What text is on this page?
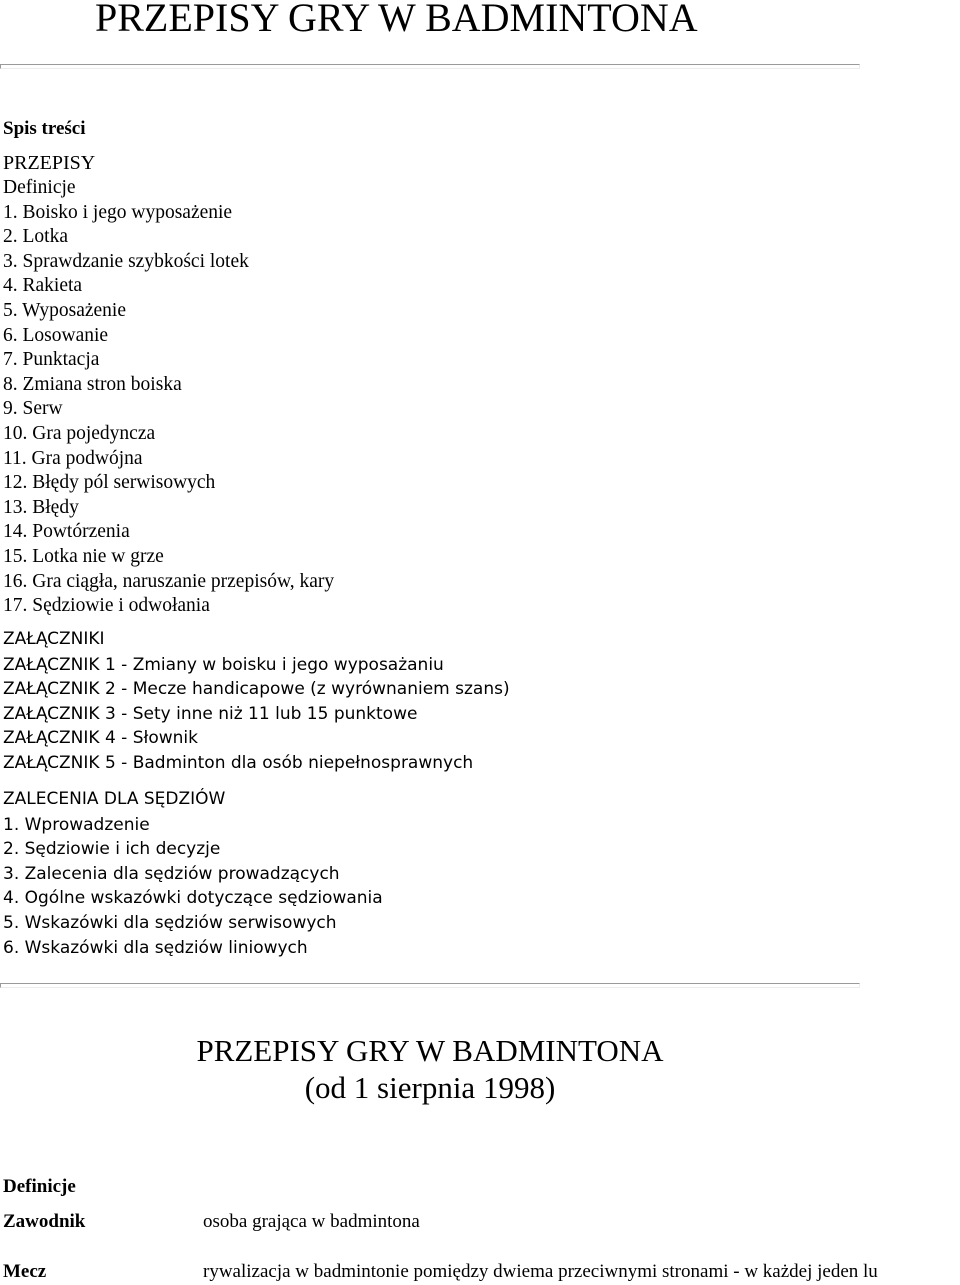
PRZEPISY GRY W BADMINTONA
Spis treści
PRZEPISY
Definicje
1. Boisko i jego wyposażenie
2. Lotka
3. Sprawdzanie szybkości lotek
4. Rakieta
5. Wyposażenie
6. Losowanie
7. Punktacja
8. Zmiana stron boiska
9. Serw
10. Gra pojedyncza
11. Gra podwójna
12. Błędy pól serwisowych
13. Błędy
14. Powtórzenia
15. Lotka nie w grze
16. Gra ciągła, naruszanie przepisów, kary
17. Sędziowie i odwołania
ZAŁĄCZNIKI
ZAŁĄCZNIK 1 - Zmiany w boisku i jego wyposażaniu
ZAŁĄCZNIK 2 - Mecze handicapowe (z wyrównaniem szans)
ZAŁĄCZNIK 3 - Sety inne niż 11 lub 15 punktowe
ZAŁĄCZNIK 4 - Słownik
ZAŁĄCZNIK 5 - Badminton dla osób niepełnosprawnych
ZALECENIA DLA SĘDZIÓW
1. Wprowadzenie
2. Sędziowie i ich decyzje
3. Zalecenia dla sędziów prowadzących
4. Ogólne wskazówki dotyczące sędziowania
5. Wskazówki dla sędziów serwisowych
6. Wskazówki dla sędziów liniowych
PRZEPISY GRY W BADMINTONA
(od 1 sierpnia 1998)
Definicje
Zawodnik	osoba grająca w badmintona
Mecz	rywalizacja w badmintonie pomiędzy dwiema przeciwnymi stronami - w każdej jeden lu
